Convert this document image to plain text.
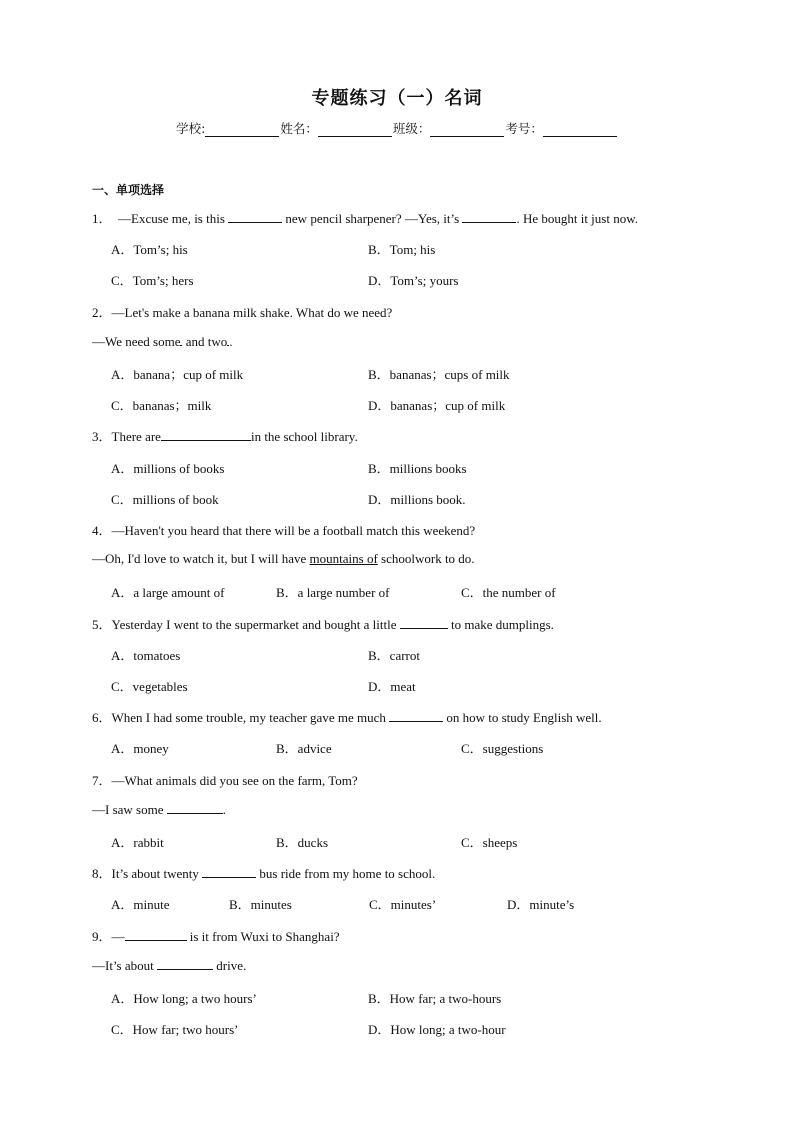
专题练习（一）名词
学校:	姓名：	班级：	考号：
一、单项选择
1． —Excuse me, is this	new pencil sharpener? —Yes, it’s	. He bought it just now.
A．Tom’s; his	B．Tom; his
C．Tom’s; hers	D．Tom’s; yours
2．—Let's make a banana milk shake. What do we need?
—We need some and two .
A．banana；cup of milk	B．bananas；cups of milk
C．bananas；milk	D．bananas；cup of milk
3．There are	in the school library.
A．millions of books	B．millions books
C．millions of book	D．millions book.
4．—Haven't you heard that there will be a football match this weekend?
—Oh, I'd love to watch it, but I will have mountains of schoolwork to do.
A．a large amount of	B．a large number of	C．the number of
5．Yesterday I went to the supermarket and bought a little	to make dumplings.
A．tomatoes	B．carrot
C．vegetables	D．meat
6．When I had some trouble, my teacher gave me much	on how to study English well.
A．money	B．advice	C．suggestions
7．—What animals did you see on the farm, Tom?
—I saw some	.
A．rabbit	B．ducks	C．sheeps
8．It’s about twenty	bus ride from my home to school.
A．minute	B．minutes	C．minutes’	D．minute’s
9．—	is it from Wuxi to Shanghai?
—It’s about	drive.
A．How long; a two hours’	B．How far; a two-hours
C．How far; two hours’	D．How long; a two-hour
